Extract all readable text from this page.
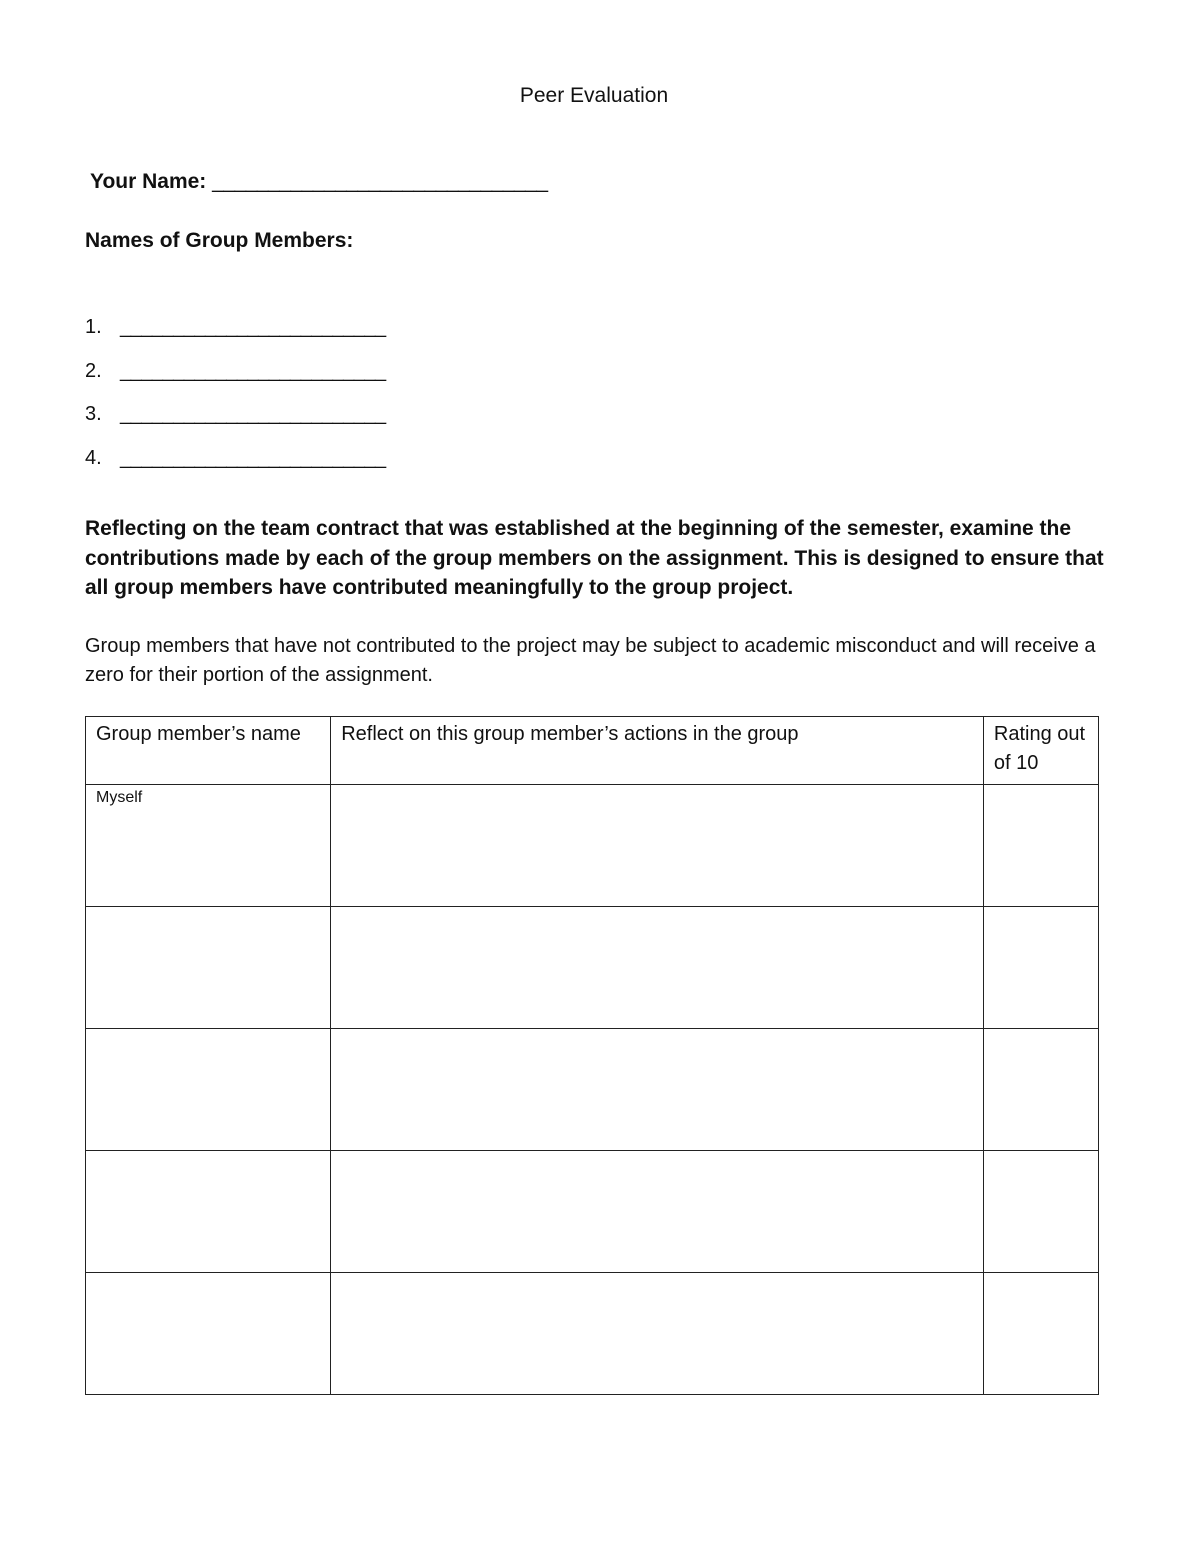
Peer Evaluation
Your Name: ______________________________
Names of Group Members:
1. _________________________
2. _________________________
3. _________________________
4. _________________________

Reflecting on the team contract that was established at the beginning of the semester, examine the contributions made by each of the group members on the assignment. This is designed to ensure that all group members have contributed meaningfully to the group project.

Group members that have not contributed to the project may be subject to academic misconduct and will receive a zero for their portion of the assignment.

Group member’s name	Reflect on this group member’s actions in the group	Rating out of 10
Myself		
